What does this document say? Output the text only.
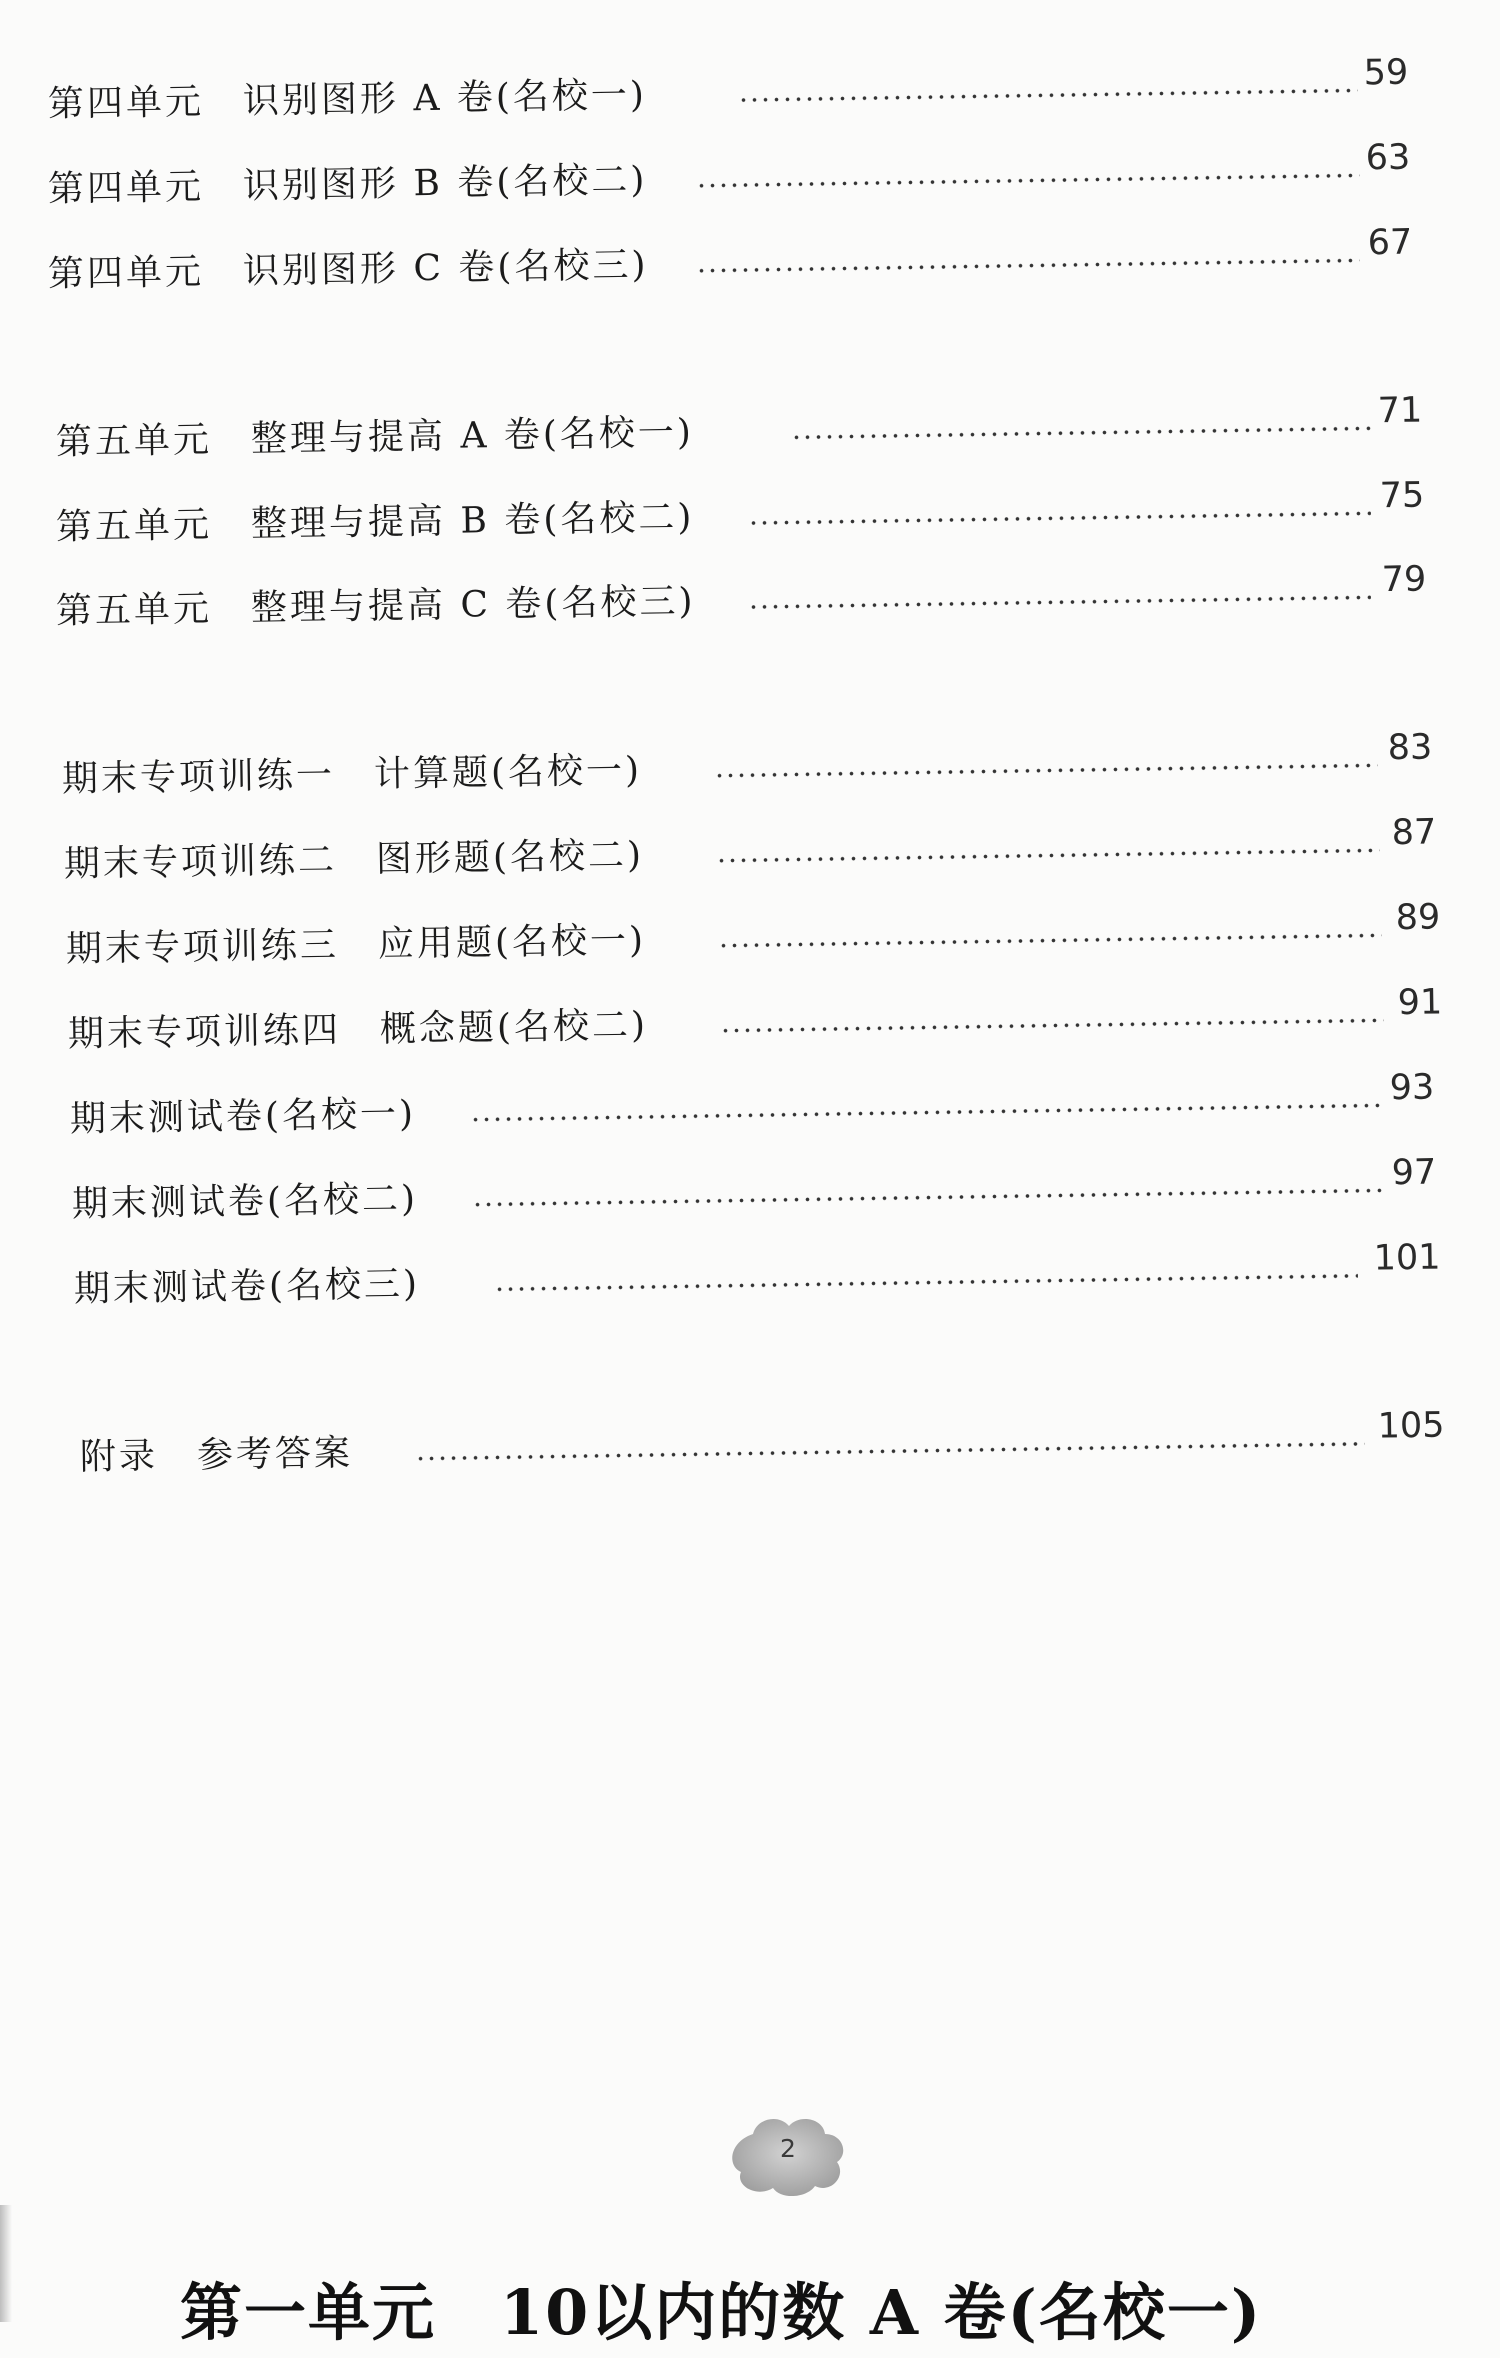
第四单元　识别图形 A 卷(名校一)
59
第四单元　识别图形 B 卷(名校二)
63
第四单元　识别图形 C 卷(名校三)
67
第五单元　整理与提高 A 卷(名校一)
71
第五单元　整理与提高 B 卷(名校二)
75
第五单元　整理与提高 C 卷(名校三)
79
期末专项训练一　计算题(名校一)
83
期末专项训练二　图形题(名校二)
87
期末专项训练三　应用题(名校一)
89
期末专项训练四　概念题(名校二)
91
期末测试卷(名校一)
93
期末测试卷(名校二)
97
期末测试卷(名校三)
101
附录　参考答案
105
2
第一单元　10以内的数 A 卷(名校一)
